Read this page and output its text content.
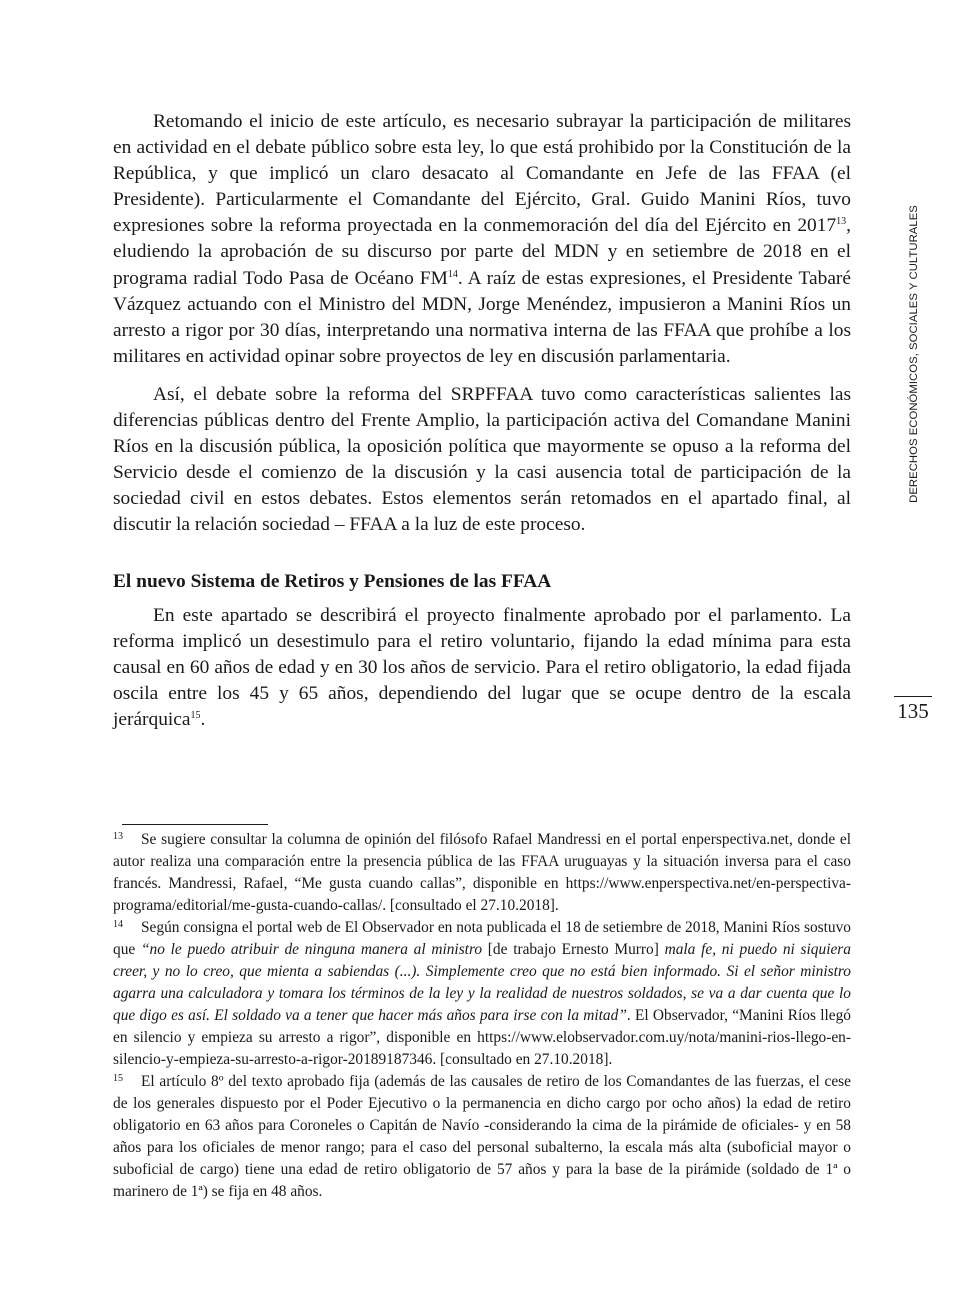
Retomando el inicio de este artículo, es necesario subrayar la participación de militares en actividad en el debate público sobre esta ley, lo que está prohibido por la Constitución de la República, y que implicó un claro desacato al Comandante en Jefe de las FFAA (el Presidente). Particularmente el Comandante del Ejército, Gral. Guido Manini Ríos, tuvo expresiones sobre la reforma proyectada en la conmemoración del día del Ejército en 2017$^{13}$, eludiendo la aprobación de su discurso por parte del MDN y en setiembre de 2018 en el programa radial Todo Pasa de Océano FM$^{14}$. A raíz de estas expresiones, el Presidente Tabaré Vázquez actuando con el Ministro del MDN, Jorge Menéndez, impusieron a Manini Ríos un arresto a rigor por 30 días, interpretando una normativa interna de las FFAA que prohíbe a los militares en actividad opinar sobre proyectos de ley en discusión parlamentaria.

Así, el debate sobre la reforma del SRPFFAA tuvo como características salientes las diferencias públicas dentro del Frente Amplio, la participación activa del Comandane Manini Ríos en la discusión pública, la oposición política que mayormente se opuso a la reforma del Servicio desde el comienzo de la discusión y la casi ausencia total de participación de la sociedad civil en estos debates. Estos elementos serán retomados en el apartado final, al discutir la relación sociedad – FFAA a la luz de este proceso.

El nuevo Sistema de Retiros y Pensiones de las FFAA

En este apartado se describirá el proyecto finalmente aprobado por el parlamento. La reforma implicó un desestimulo para el retiro voluntario, fijando la edad mínima para esta causal en 60 años de edad y en 30 los años de servicio. Para el retiro obligatorio, la edad fijada oscila entre los 45 y 65 años, dependiendo del lugar que se ocupe dentro de la escala jerárquica$^{15}$.

DERECHOS ECONÓMICOS, SOCIALES Y CULTURALES
135

13 Se sugiere consultar la columna de opinión del filósofo Rafael Mandressi en el portal enperspectiva.net, donde el autor realiza una comparación entre la presencia pública de las FFAA uruguayas y la situación inversa para el caso francés. Mandressi, Rafael, “Me gusta cuando callas”, disponible en https://www.enperspectiva.net/en-perspectiva-programa/editorial/me-gusta-cuando-callas/. [consultado el 27.10.2018].

14 Según consigna el portal web de El Observador en nota publicada el 18 de setiembre de 2018, Manini Ríos sostuvo que “no le puedo atribuir de ninguna manera al ministro [de trabajo Ernesto Murro] mala fe, ni puedo ni siquiera creer, y no lo creo, que mienta a sabiendas (...). Simplemente creo que no está bien informado. Si el señor ministro agarra una calculadora y tomara los términos de la ley y la realidad de nuestros soldados, se va a dar cuenta que lo que digo es así. El soldado va a tener que hacer más años para irse con la mitad”. El Observador, “Manini Ríos llegó en silencio y empieza su arresto a rigor”, disponible en https://www.elobservador.com.uy/nota/manini-rios-llego-en-silencio-y-empieza-su-arresto-a-rigor-20189187346. [consultado en 27.10.2018].

15 El artículo 8º del texto aprobado fija (además de las causales de retiro de los Comandantes de las fuerzas, el cese de los generales dispuesto por el Poder Ejecutivo o la permanencia en dicho cargo por ocho años) la edad de retiro obligatorio en 63 años para Coroneles o Capitán de Navío -considerando la cima de la pirámide de oficiales- y en 58 años para los oficiales de menor rango; para el caso del personal subalterno, la escala más alta (suboficial mayor o suboficial de cargo) tiene una edad de retiro obligatorio de 57 años y para la base de la pirámide (soldado de 1ª o marinero de 1ª) se fija en 48 años.
